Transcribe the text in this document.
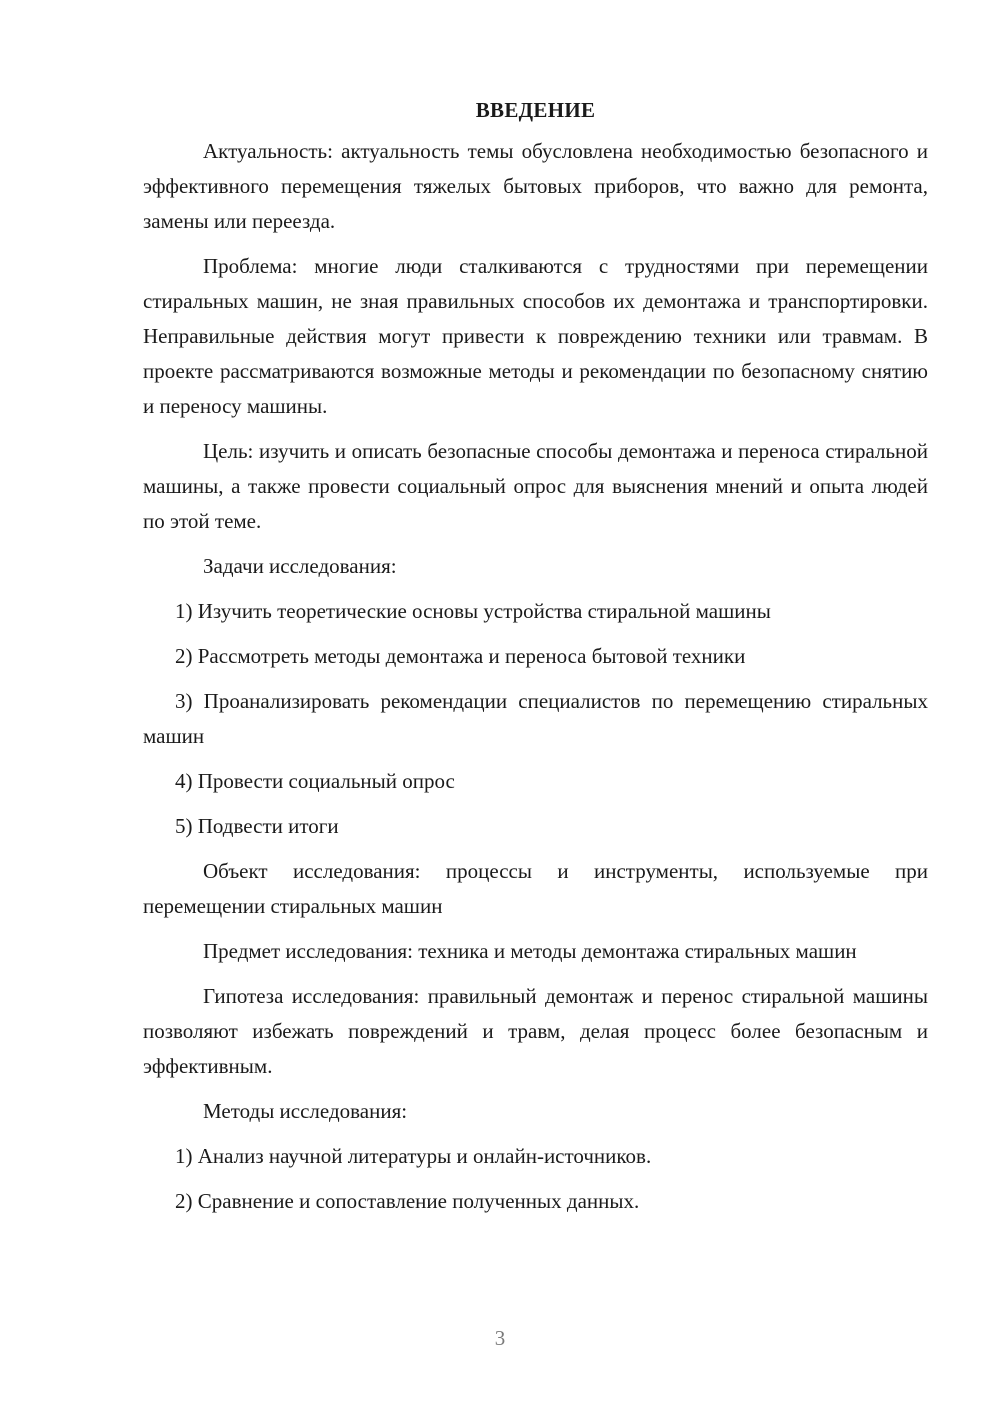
ВВЕДЕНИЕ
Актуальность: актуальность темы обусловлена необходимостью безопасного и эффективного перемещения тяжелых бытовых приборов, что важно для ремонта, замены или переезда.
Проблема: многие люди сталкиваются с трудностями при перемещении стиральных машин, не зная правильных способов их демонтажа и транспортировки. Неправильные действия могут привести к повреждению техники или травмам. В проекте рассматриваются возможные методы и рекомендации по безопасному снятию и переносу машины.
Цель: изучить и описать безопасные способы демонтажа и переноса стиральной машины, а также провести социальный опрос для выяснения мнений и опыта людей по этой теме.
Задачи исследования:
1) Изучить теоретические основы устройства стиральной машины
2) Рассмотреть методы демонтажа и переноса бытовой техники
3) Проанализировать рекомендации специалистов по перемещению стиральных машин
4) Провести социальный опрос
5) Подвести итоги
Объект исследования: процессы и инструменты, используемые при перемещении стиральных машин
Предмет исследования: техника и методы демонтажа стиральных машин
Гипотеза исследования: правильный демонтаж и перенос стиральной машины позволяют избежать повреждений и травм, делая процесс более безопасным и эффективным.
Методы исследования:
1) Анализ научной литературы и онлайн-источников.
2) Сравнение и сопоставление полученных данных.
3
